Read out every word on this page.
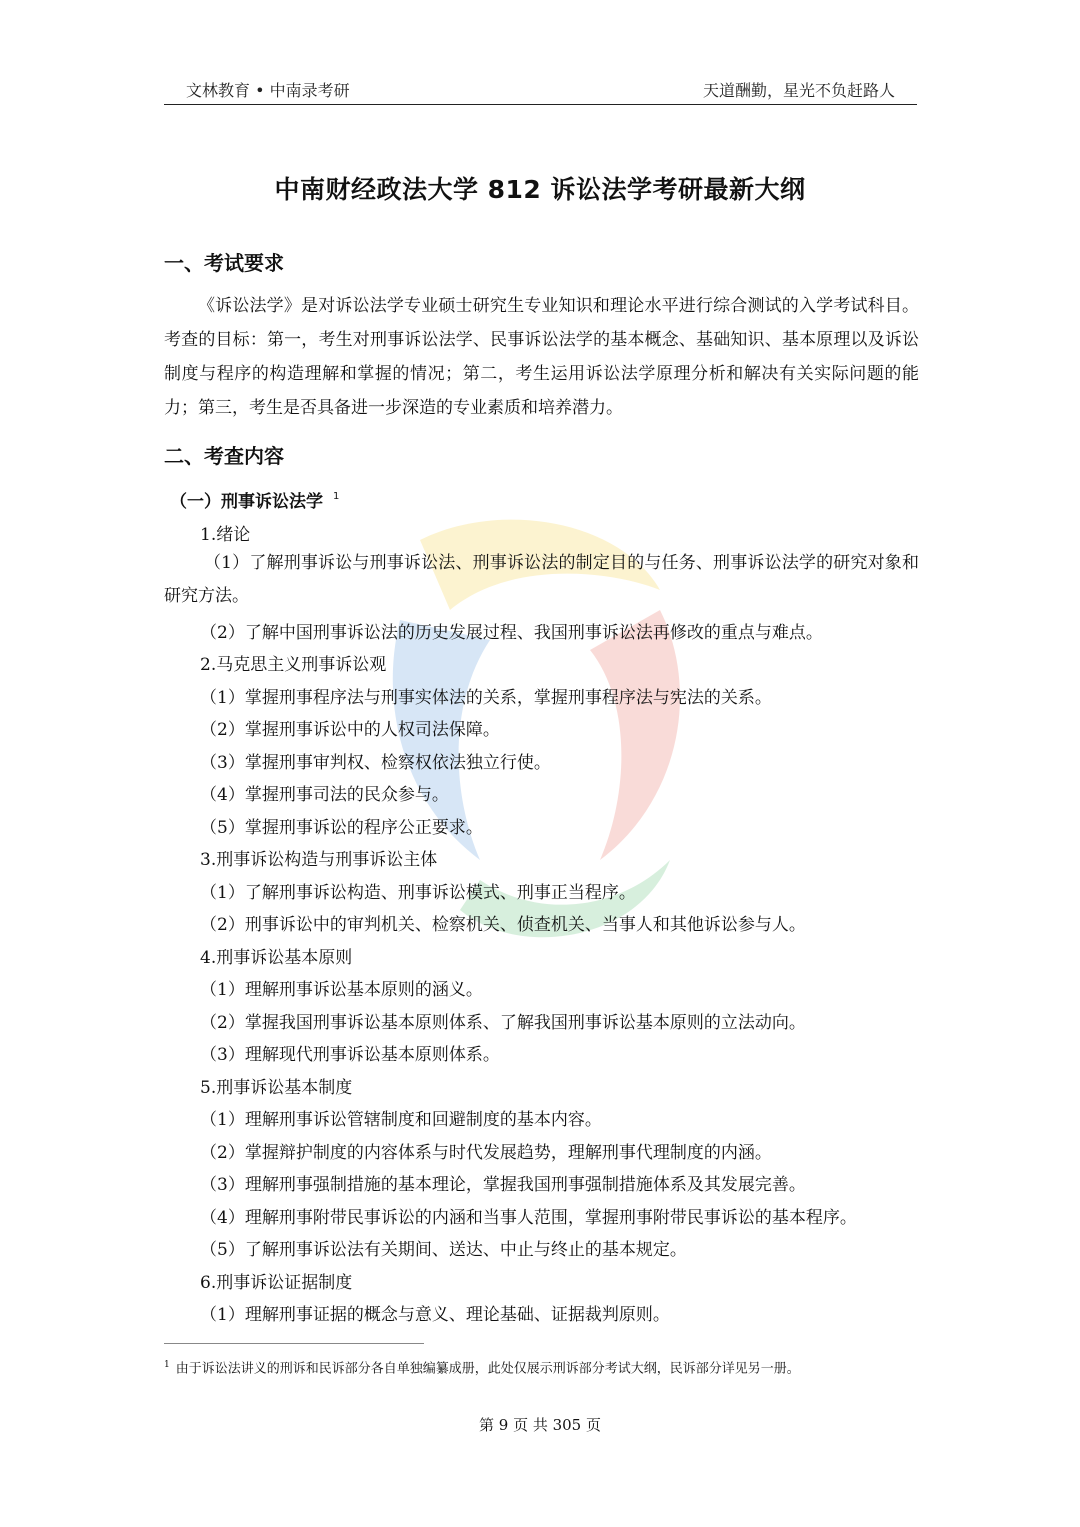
文林教育 • 中南录考研	天道酬勤，星光不负赶路人
中南财经政法大学 812 诉讼法学考研最新大纲
一、考试要求
《诉讼法学》是对诉讼法学专业硕士研究生专业知识和理论水平进行综合测试的入学考试科目。考查的目标：第一，考生对刑事诉讼法学、民事诉讼法学的基本概念、基础知识、基本原理以及诉讼制度与程序的构造理解和掌握的情况；第二，考生运用诉讼法学原理分析和解决有关实际问题的能力；第三，考生是否具备进一步深造的专业素质和培养潜力。
二、考查内容
（一）刑事诉讼法学 $^1$
1.绪论
（1）了解刑事诉讼与刑事诉讼法、刑事诉讼法的制定目的与任务、刑事诉讼法学的研究对象和研究方法。
（2）了解中国刑事诉讼法的历史发展过程、我国刑事诉讼法再修改的重点与难点。
2.马克思主义刑事诉讼观
（1）掌握刑事程序法与刑事实体法的关系，掌握刑事程序法与宪法的关系。
（2）掌握刑事诉讼中的人权司法保障。
（3）掌握刑事审判权、检察权依法独立行使。
（4）掌握刑事司法的民众参与。
（5）掌握刑事诉讼的程序公正要求。
3.刑事诉讼构造与刑事诉讼主体
（1）了解刑事诉讼构造、刑事诉讼模式、刑事正当程序。
（2）刑事诉讼中的审判机关、检察机关、侦查机关、当事人和其他诉讼参与人。
4.刑事诉讼基本原则
（1）理解刑事诉讼基本原则的涵义。
（2）掌握我国刑事诉讼基本原则体系、了解我国刑事诉讼基本原则的立法动向。
（3）理解现代刑事诉讼基本原则体系。
5.刑事诉讼基本制度
（1）理解刑事诉讼管辖制度和回避制度的基本内容。
（2）掌握辩护制度的内容体系与时代发展趋势，理解刑事代理制度的内涵。
（3）理解刑事强制措施的基本理论，掌握我国刑事强制措施体系及其发展完善。
（4）理解刑事附带民事诉讼的内涵和当事人范围，掌握刑事附带民事诉讼的基本程序。
（5）了解刑事诉讼法有关期间、送达、中止与终止的基本规定。
6.刑事诉讼证据制度
（1）理解刑事证据的概念与意义、理论基础、证据裁判原则。
$^1$ 由于诉讼法讲义的刑诉和民诉部分各自单独编纂成册，此处仅展示刑诉部分考试大纲，民诉部分详见另一册。
第 9 页 共 305 页
